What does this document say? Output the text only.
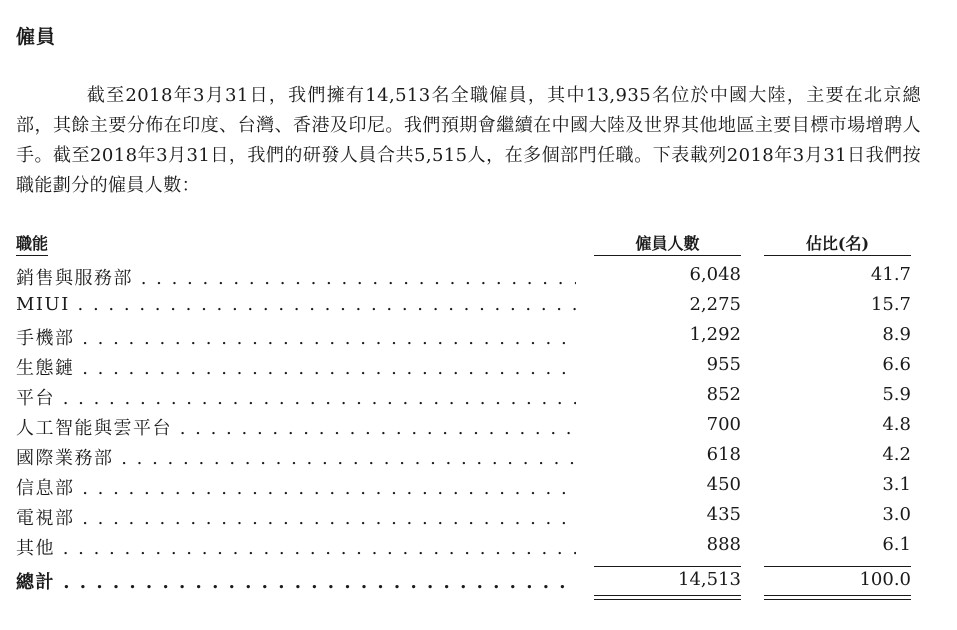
僱員

截至2018年3月31日，我們擁有14,513名全職僱員，其中13,935名位於中國大陸，主要在北京總部，其餘主要分佈在印度、台灣、香港及印尼。我們預期會繼續在中國大陸及世界其他地區主要目標市場增聘人手。截至2018年3月31日，我們的研發人員合共5,515人，在多個部門任職。下表載列2018年3月31日我們按職能劃分的僱員人數：

職能	僱員人數	佔比(名)
銷售與服務部 . . .	6,048	41.7
MIUI . . .	2,275	15.7
手機部 . . .	1,292	8.9
生態鏈 . . .	955	6.6
平台 . . .	852	5.9
人工智能與雲平台 . . .	700	4.8
國際業務部 . . .	618	4.2
信息部 . . .	450	3.1
電視部 . . .	435	3.0
其他 . . .	888	6.1
總計 . . .	14,513	100.0
